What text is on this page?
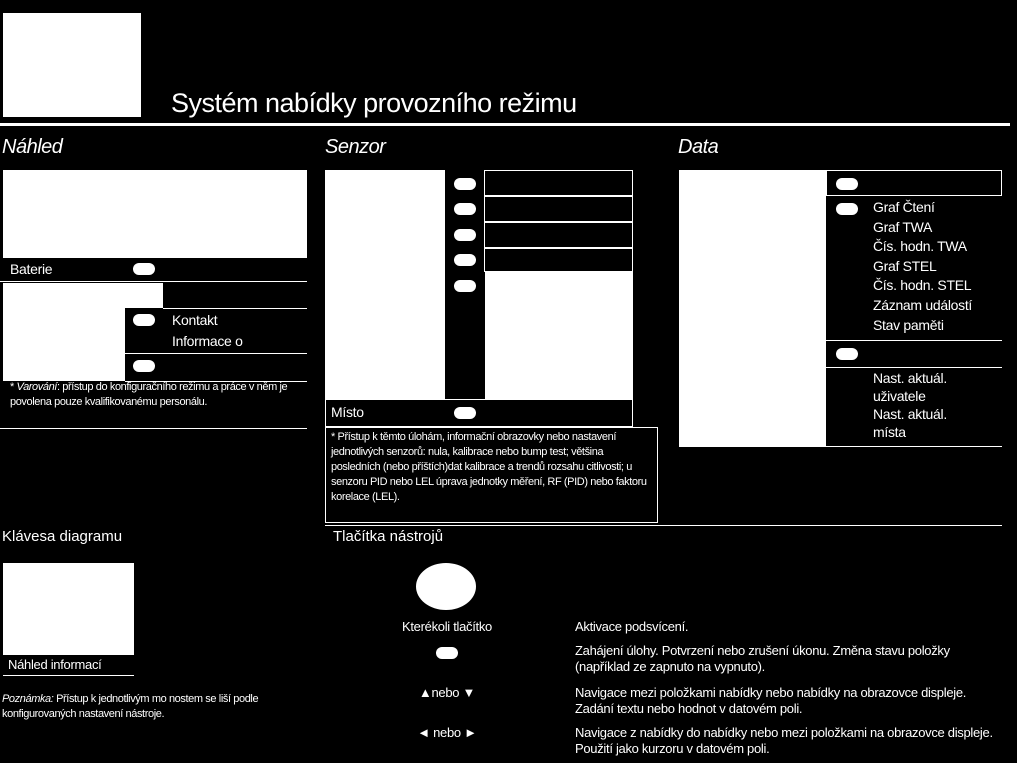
Systém nabídky provozního režimu
Náhled
Baterie
Kontakt
Informace o
* Varování: přístup do konfiguračního režimu a práce v něm je povolena pouze kvalifikovanému personálu.
Senzor
Místo
* Přístup k těmto úlohám, informační obrazovky nebo nastavení jednotlivých senzorů: nula, kalibrace nebo bump test; většina posledních (nebo příštích)dat kalibrace a trendů rozsahu citlivosti; u senzoru PID nebo LEL úprava jednotky měření, RF (PID) nebo faktoru korelace (LEL).
Data
Graf Čtení
Graf TWA
Čís. hodn. TWA
Graf STEL
Čís. hodn. STEL
Záznam událostí
Stav paměti
Nast. aktuál.
uživatele
Nast. aktuál.
místa
Klávesa diagramu	Tlačítka nástrojů
Náhled informací
Poznámka: Přístup k jednotlivým mo nostem se liší podle konfigurovaných nastavení nástroje.
Kterékoli tlačítko	Aktivace podsvícení.
Zahájení úlohy. Potvrzení nebo zrušení úkonu. Změna stavu položky (například ze zapnuto na vypnuto).
▲nebo ▼	Navigace mezi položkami nabídky nebo nabídky na obrazovce displeje. Zadání textu nebo hodnot v datovém poli.
◄ nebo ►	Navigace z nabídky do nabídky nebo mezi položkami na obrazovce displeje. Použití jako kurzoru v datovém poli.
